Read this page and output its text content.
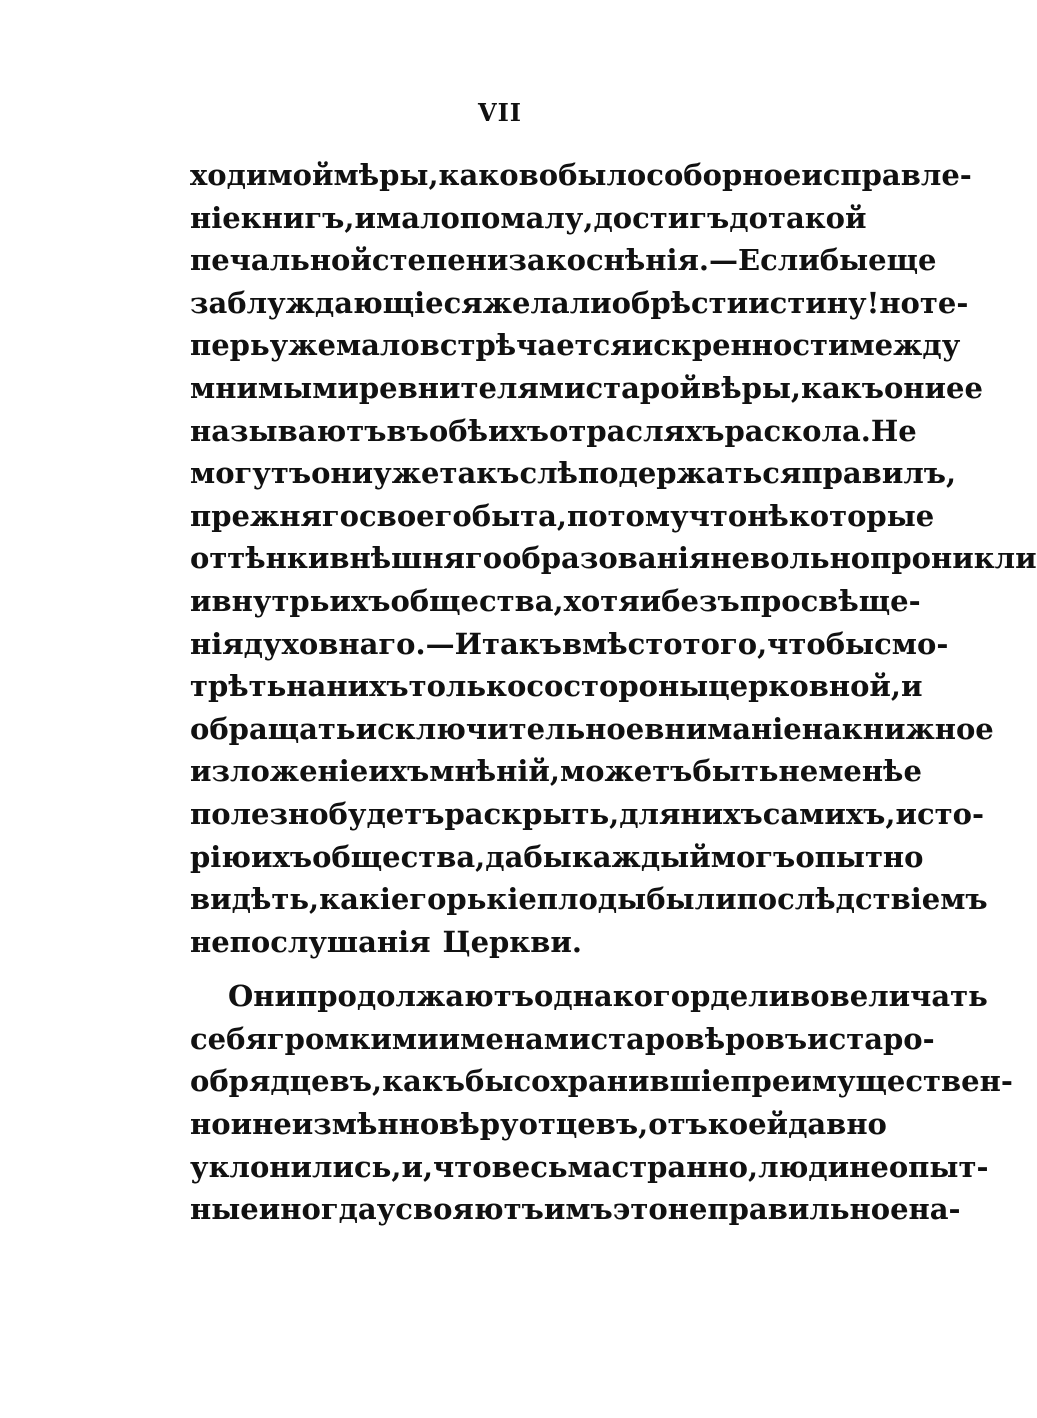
VII
ходимой мѣры, каково было соборное исправле-
ніе книгъ, и мало по малу, достигъ до такой
печальной степени закоснѣнія.—Если бы еще
заблуждающіеся желали обрѣсти истину! но те-
перь уже мало встрѣчается искренности между
мнимыми ревнителями старой вѣры, какъ они ее
называютъ въ обѣихъ отрасляхъ раскола. Не
могутъ они уже такъ слѣпо держаться правилъ,
прежняго своего быта, потому что нѣкоторые
оттѣнки внѣшняго образованія невольно проникли
и внутрь ихъ общества, хотя и безъ просвѣще-
нія духовнаго.—И такъ вмѣсто того, чтобы смо-
трѣть на нихъ только со стороны церковной, и
обращать исключительное вниманіе на книжное
изложеніе ихъ мнѣній, можетъ быть не менѣе
полезно будетъ раскрыть, для нихъ самихъ, исто-
рію ихъ общества, дабы каждый могъ опытно
видѣть, какіе горькіе плоды были послѣдствіемъ
непослушанія Церкви.
Они продолжаютъ однако горделиво величать
себя громкими именами старовѣровъ и старо-
обрядцевъ, какъ бы сохранившіе преимуществен-
но и неизмѣнно вѣру отцевъ, отъ коей давно
уклонились, и, что весьма странно, люди неопыт-
ные иногда усвояютъ имъ это неправильное на-
